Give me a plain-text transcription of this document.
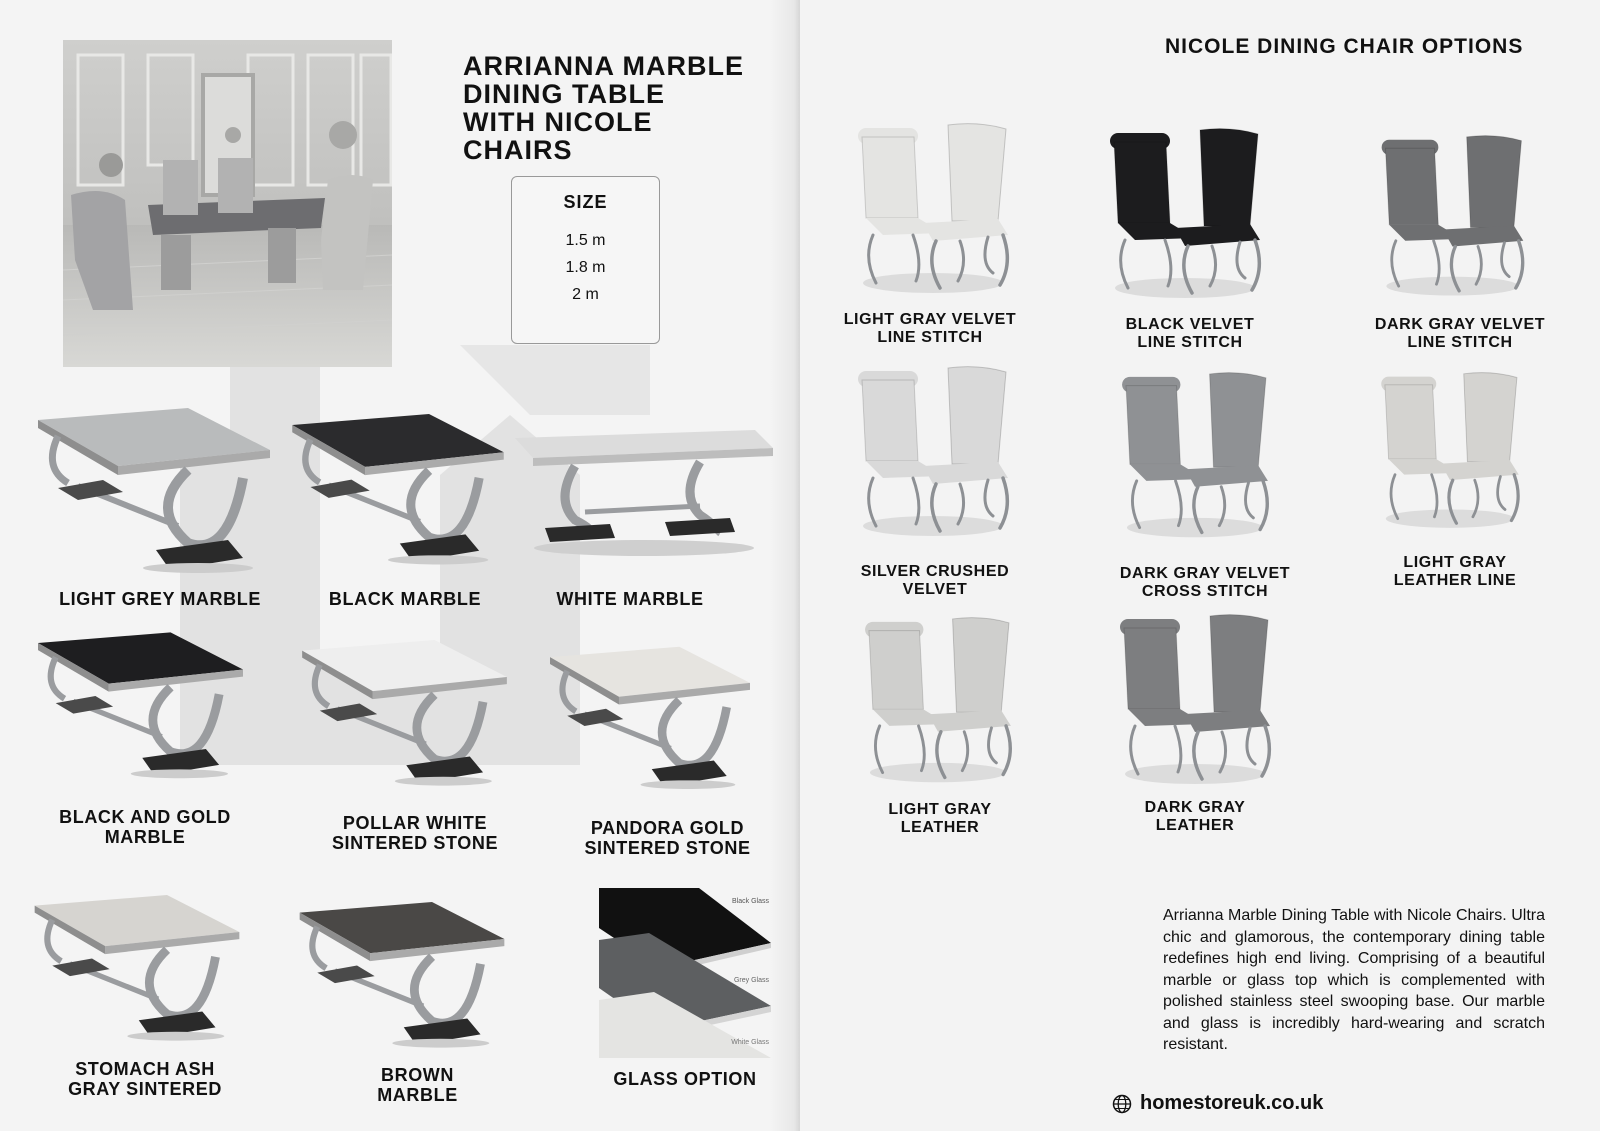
ARRIANNA MARBLE
DINING TABLE
WITH NICOLE
CHAIRS
SIZE
1.5 m
1.8 m
2 m
LIGHT GREY MARBLE	BLACK MARBLE	WHITE MARBLE
BLACK AND GOLD
MARBLE
POLLAR WHITE
SINTERED STONE
PANDORA GOLD
SINTERED STONE
Black Glass
Grey Glass
White Glass
STOMACH ASH
GRAY SINTERED
BROWN
MARBLE
GLASS OPTION
NICOLE DINING CHAIR OPTIONS
LIGHT GRAY VELVET
LINE STITCH
BLACK VELVET
LINE STITCH
DARK GRAY VELVET
LINE STITCH
SILVER CRUSHED
VELVET
DARK GRAY VELVET
CROSS STITCH
LIGHT GRAY
LEATHER LINE
LIGHT GRAY
LEATHER
DARK GRAY
LEATHER
Arrianna Marble Dining Table with Nicole Chairs. Ultra chic and glamorous, the contemporary dining table redefines high end living. Comprising of a beautiful marble or glass top which is complemented with polished stainless steel swooping base. Our marble and glass is incredibly hard-wearing and scratch resistant.
homestoreuk.co.uk
